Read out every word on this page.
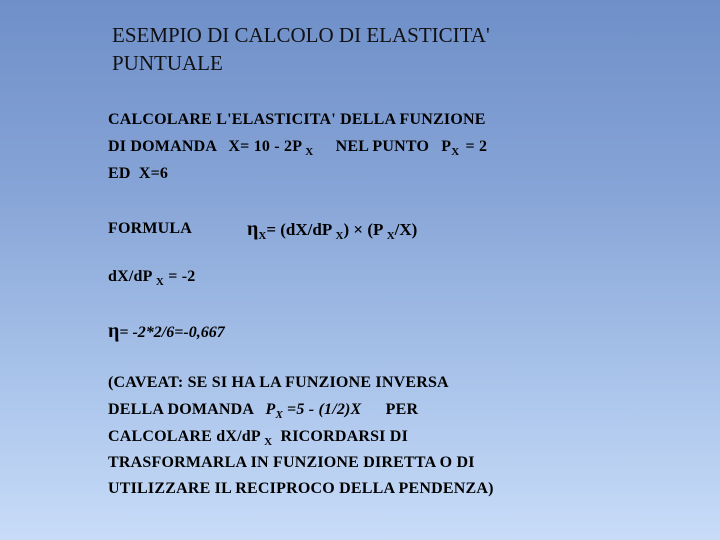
ESEMPIO DI CALCOLO DI ELASTICITA'
PUNTUALE
CALCOLARE L'ELASTICITA' DELLA FUNZIONE
DI DOMANDA X= 10 - 2P $_X$ NEL PUNTO $P_X = 2$
ED X=6
FORMULA	$\eta_X= (dX/dP$ $_X$) × (P $_X$/X)
dX/dP $_X$ = -2
η= -2*2/6=-0,667
(CAVEAT: SE SI HA LA FUNZIONE INVERSA
DELLA DOMANDA $P_X =5 - (1/2)X$ PER
CALCOLARE dX/dP $_X$ RICORDARSI DI
TRASFORMARLA IN FUNZIONE DIRETTA O DI
UTILIZZARE IL RECIPROCO DELLA PENDENZA)
